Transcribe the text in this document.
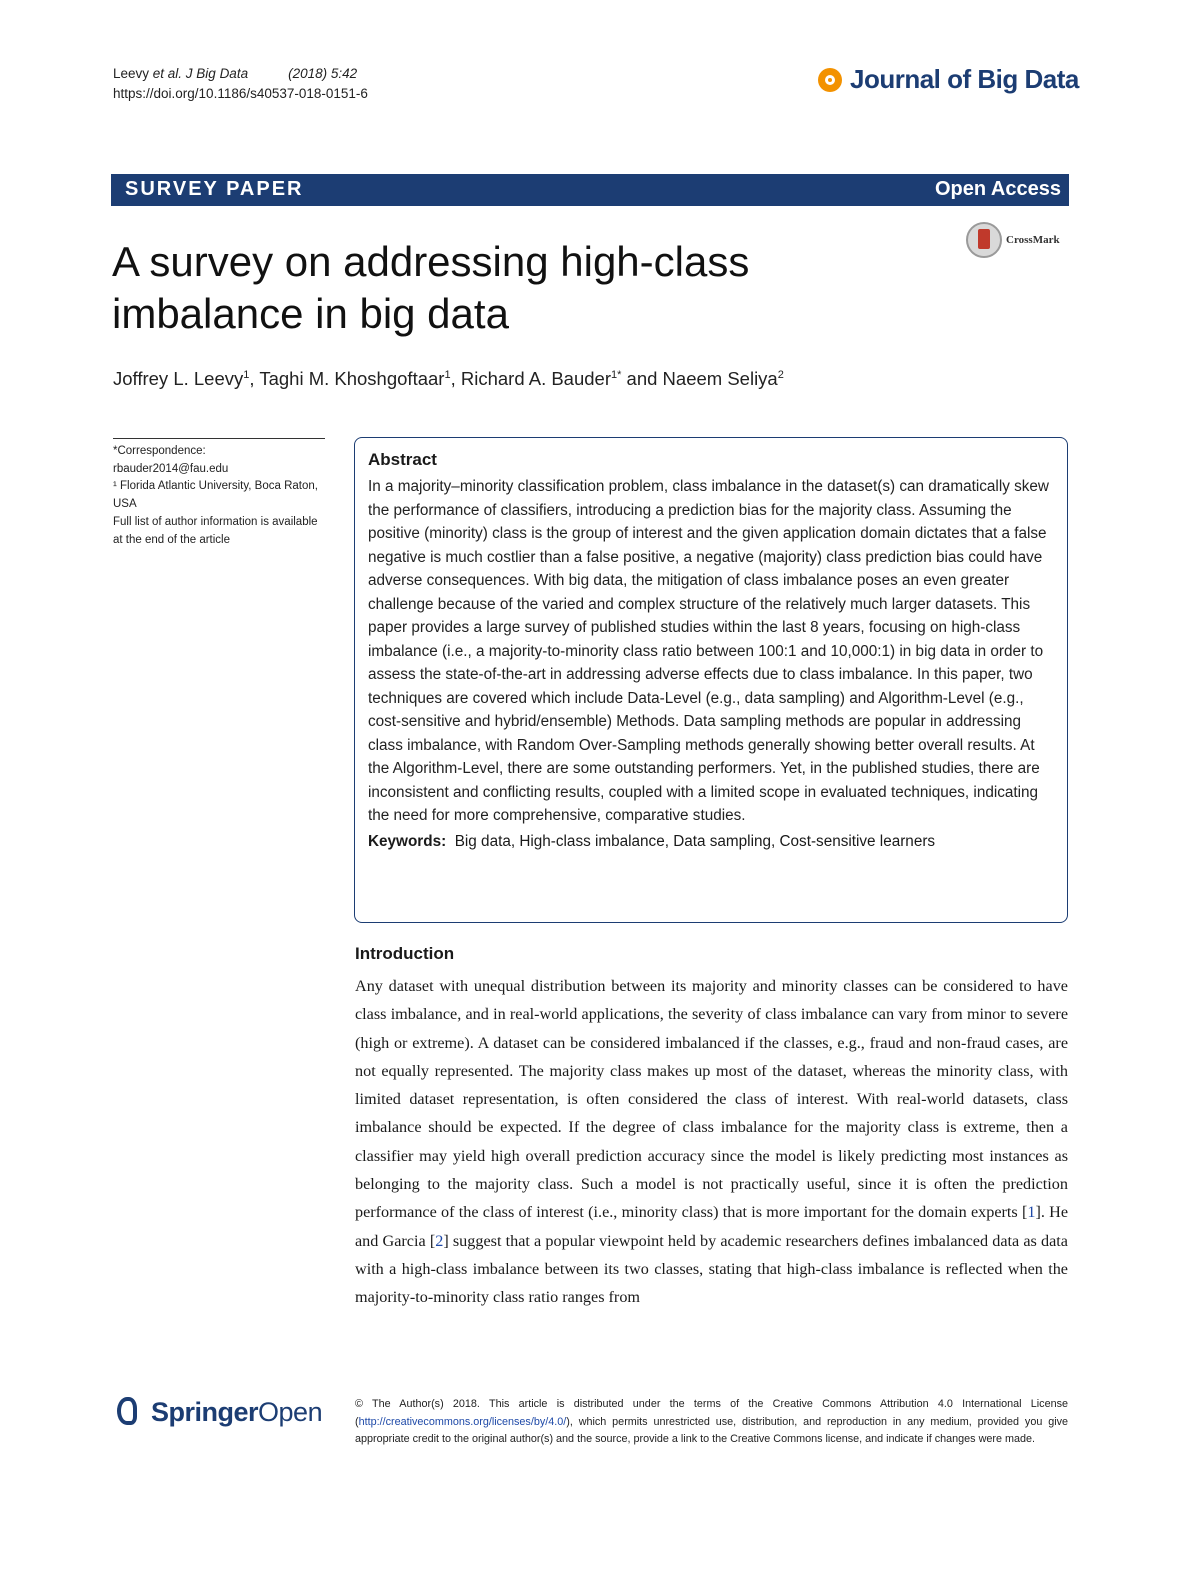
Leevy et al. J Big Data	(2018) 5:42
https://doi.org/10.1186/s40537-018-0151-6	Journal of Big Data
SURVEY PAPER	Open Access
CrossMark
A survey on addressing high-class imbalance in big data
Joffrey L. Leevy$^1$, Taghi M. Khoshgoftaar$^1$, Richard A. Bauder$^{1*}$ and Naeem Seliya$^2$

*Correspondence:

rbauder2014@fau.edu

¹ Florida Atlantic University, Boca Raton, USA

Full list of author information is available at the end of the article

Abstract
In a majority–minority classification problem, class imbalance in the dataset(s) can dramatically skew the performance of classifiers, introducing a prediction bias for the majority class. Assuming the positive (minority) class is the group of interest and the given application domain dictates that a false negative is much costlier than a false positive, a negative (majority) class prediction bias could have adverse consequences. With big data, the mitigation of class imbalance poses an even greater challenge because of the varied and complex structure of the relatively much larger datasets. This paper provides a large survey of published studies within the last 8 years, focusing on high-class imbalance (i.e., a majority-to-minority class ratio between 100:1 and 10,000:1) in big data in order to assess the state-of-the-art in addressing adverse effects due to class imbalance. In this paper, two techniques are covered which include Data-Level (e.g., data sampling) and Algorithm-Level (e.g., cost-sensitive and hybrid/ensemble) Methods. Data sampling methods are popular in addressing class imbalance, with Random Over-Sampling methods generally showing better overall results. At the Algorithm-Level, there are some outstanding performers. Yet, in the published studies, there are inconsistent and conflicting results, coupled with a limited scope in evaluated techniques, indicating the need for more comprehensive, comparative studies.
Keywords: Big data, High-class imbalance, Data sampling, Cost-sensitive learners
Introduction
Any dataset with unequal distribution between its majority and minority classes can be considered to have class imbalance, and in real-world applications, the severity of class imbalance can vary from minor to severe (high or extreme). A dataset can be considered imbalanced if the classes, e.g., fraud and non-fraud cases, are not equally represented. The majority class makes up most of the dataset, whereas the minority class, with limited dataset representation, is often considered the class of interest. With real-world datasets, class imbalance should be expected. If the degree of class imbalance for the majority class is extreme, then a classifier may yield high overall prediction accuracy since the model is likely predicting most instances as belonging to the majority class. Such a model is not practically useful, since it is often the prediction performance of the class of interest (i.e., minority class) that is more important for the domain experts [1]. He and Garcia [2] suggest that a popular viewpoint held by academic researchers defines imbalanced data as data with a high-class imbalance between its two classes, stating that high-class imbalance is reflected when the majority-to-minority class ratio ranges from
Springer Open	© The Author(s) 2018. This article is distributed under the terms of the Creative Commons Attribution 4.0 International License (http://creativecommons.org/licenses/by/4.0/), which permits unrestricted use, distribution, and reproduction in any medium, provided you give appropriate credit to the original author(s) and the source, provide a link to the Creative Commons license, and indicate if changes were made.
